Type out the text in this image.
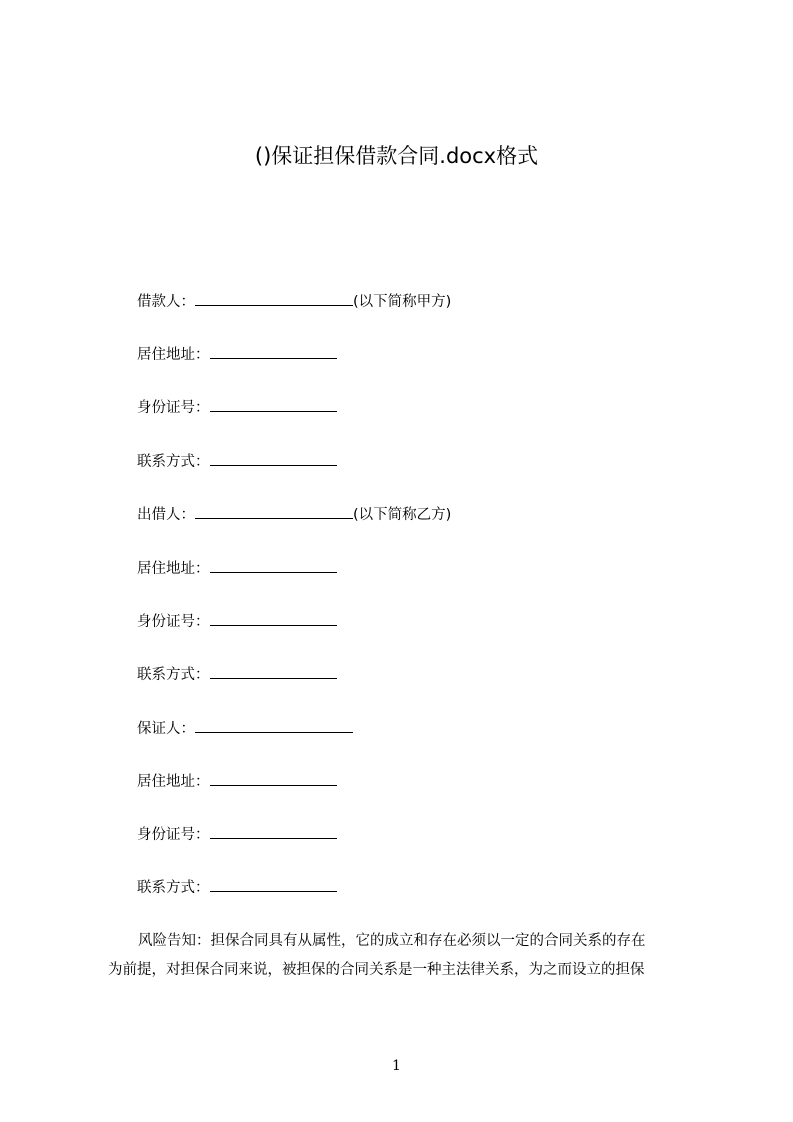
()保证担保借款合同.docx格式
借款人：	(以下简称甲方)
居住地址：
身份证号：
联系方式：
出借人：	(以下简称乙方)
居住地址：
身份证号：
联系方式：
保证人：
居住地址：
身份证号：
联系方式：

风险告知：担保合同具有从属性，它的成立和存在必须以一定的合同关系的存在

为前提，对担保合同来说，被担保的合同关系是一种主法律关系，为之而设立的担保

1
